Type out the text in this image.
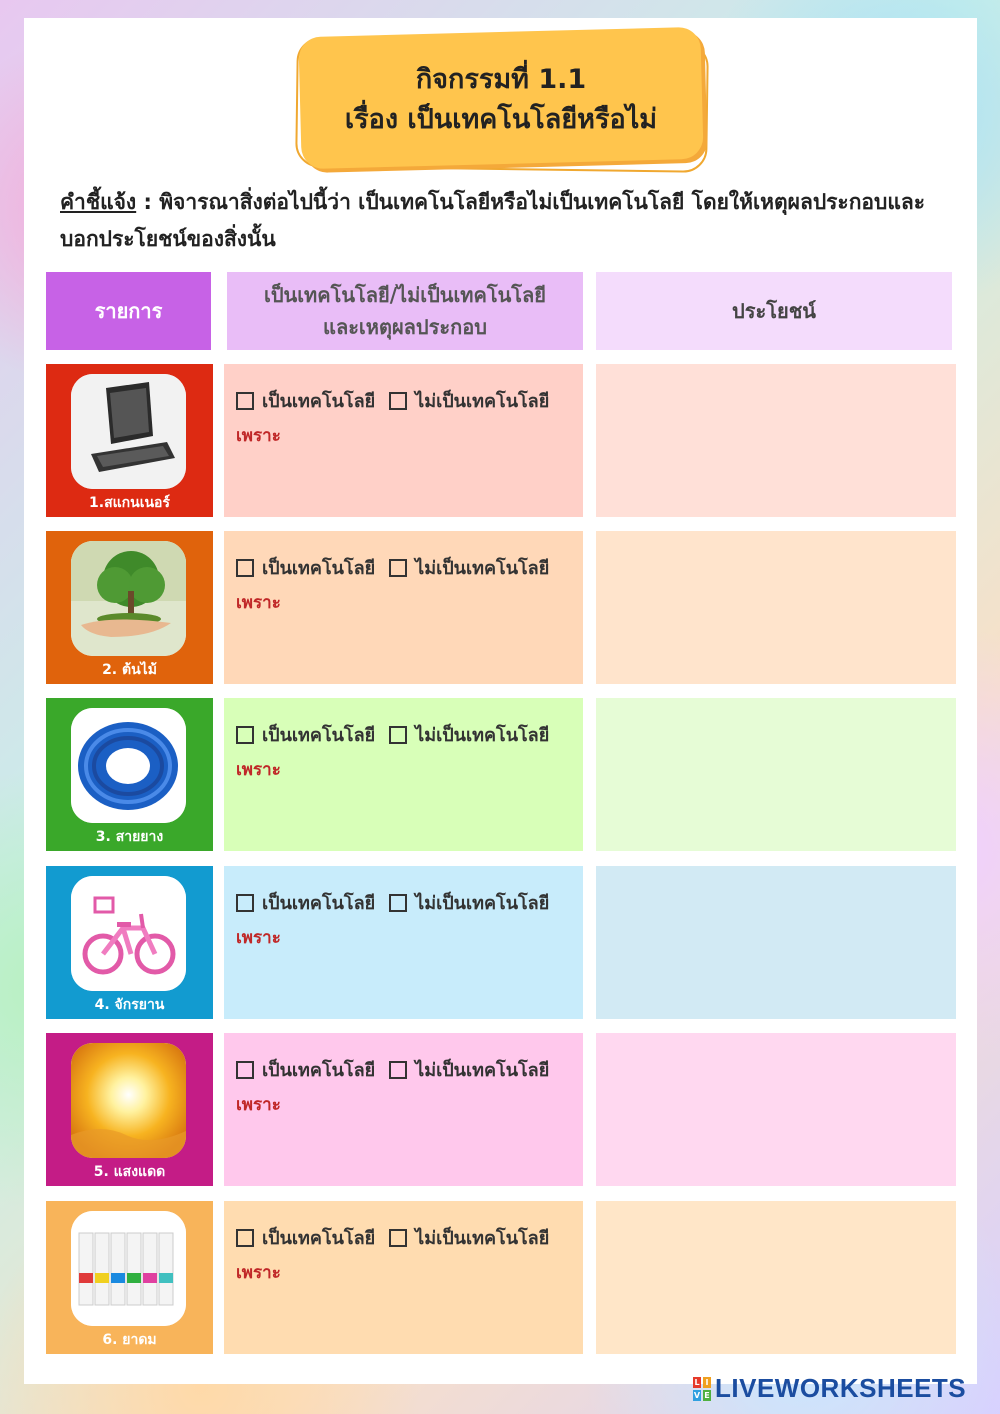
กิจกรรมที่ 1.1
เรื่อง เป็นเทคโนโลยีหรือไม่
คำชี้แจ้ง : พิจารณาสิ่งต่อไปนี้ว่า เป็นเทคโนโลยีหรือไม่เป็นเทคโนโลยี โดยให้เหตุผลประกอบและบอกประโยชน์ของสิ่งนั้น
รายการ
เป็นเทคโนโลยี/ไม่เป็นเทคโนโลยี
และเหตุผลประกอบ
ประโยชน์
1.สแกนเนอร์
เป็นเทคโนโลยี ไม่เป็นเทคโนโลยี
เพราะ
2. ต้นไม้
เป็นเทคโนโลยี ไม่เป็นเทคโนโลยี
เพราะ
3. สายยาง
เป็นเทคโนโลยี ไม่เป็นเทคโนโลยี
เพราะ
4. จักรยาน
เป็นเทคโนโลยี ไม่เป็นเทคโนโลยี
เพราะ
5. แสงแดด
เป็นเทคโนโลยี ไม่เป็นเทคโนโลยี
เพราะ
6. ยาดม
เป็นเทคโนโลยี ไม่เป็นเทคโนโลยี
เพราะ
L I
V E LIVEWORKSHEETS
